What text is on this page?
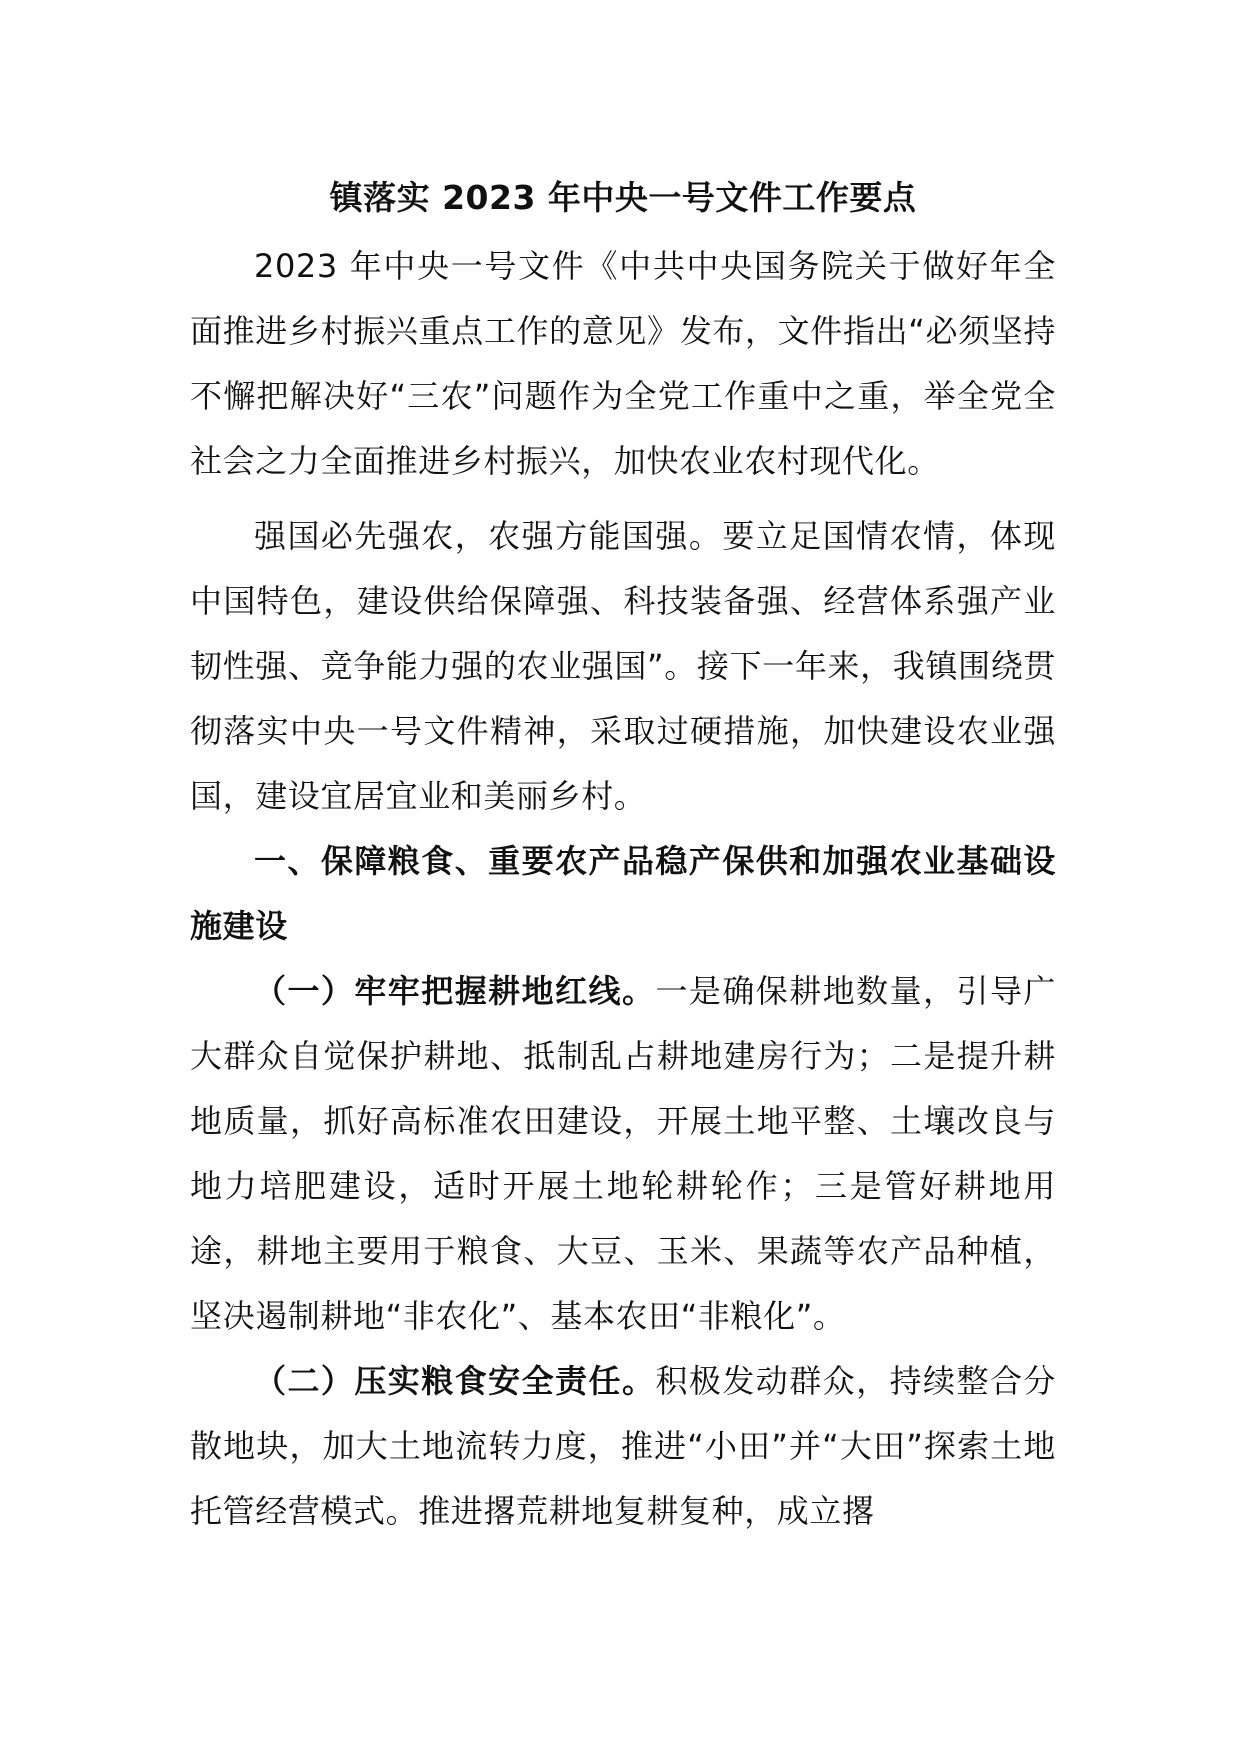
镇落实 2023 年中央一号文件工作要点

2023 年中央一号文件《中共中央国务院关于做好年全面推进乡村振兴重点工作的意见》发布，文件指出“必须坚持不懈把解决好“三农”问题作为全党工作重中之重，举全党全社会之力全面推进乡村振兴，加快农业农村现代化。

强国必先强农，农强方能国强。要立足国情农情，体现中国特色，建设供给保障强、科技装备强、经营体系强产业韧性强、竞争能力强的农业强国”。接下一年来，我镇围绕贯彻落实中央一号文件精神，采取过硬措施，加快建设农业强国，建设宜居宜业和美丽乡村。

一、保障粮食、重要农产品稳产保供和加强农业基础设施建设

（一）牢牢把握耕地红线。一是确保耕地数量，引导广大群众自觉保护耕地、抵制乱占耕地建房行为；二是提升耕地质量，抓好高标准农田建设，开展土地平整、土壤改良与地力培肥建设，适时开展土地轮耕轮作；三是管好耕地用途，耕地主要用于粮食、大豆、玉米、果蔬等农产品种植，坚决遏制耕地“非农化”、基本农田“非粮化”。

（二）压实粮食安全责任。积极发动群众，持续整合分散地块，加大土地流转力度，推进“小田”并“大田”探索土地托管经营模式。推进撂荒耕地复耕复种，成立撂
